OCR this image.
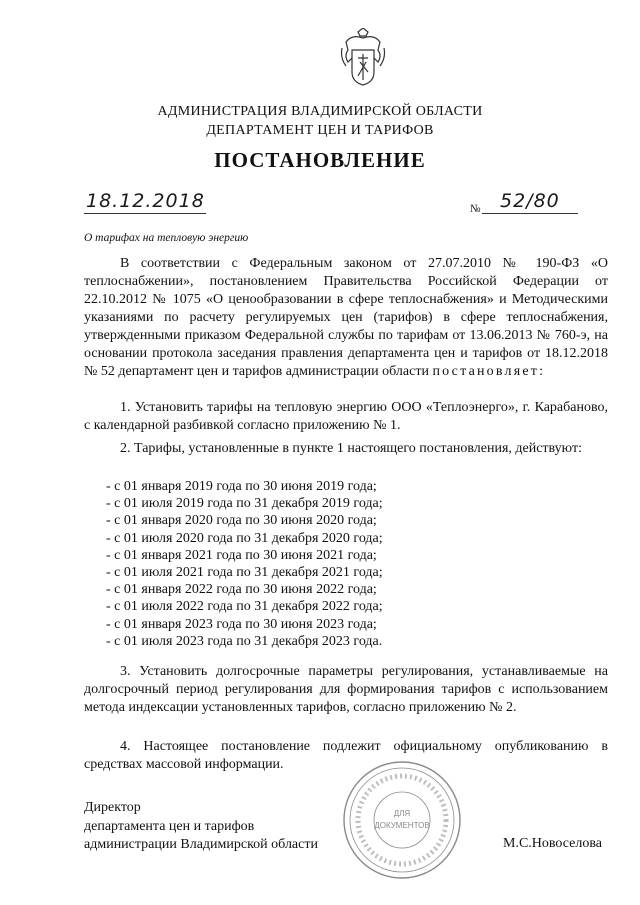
АДМИНИСТРАЦИЯ ВЛАДИМИРСКОЙ ОБЛАСТИ
ДЕПАРТАМЕНТ ЦЕН И ТАРИФОВ
ПОСТАНОВЛЕНИЕ
18.12.2018	№ 52/80
О тарифах на тепловую энергию
В соответствии с Федеральным законом от 27.07.2010 № 190-ФЗ «О теплоснабжении», постановлением Правительства Российской Федерации от 22.10.2012 № 1075 «О ценообразовании в сфере теплоснабжения» и Методическими указаниями по расчету регулируемых цен (тарифов) в сфере теплоснабжения, утвержденными приказом Федеральной службы по тарифам от 13.06.2013 № 760-э, на основании протокола заседания правления департамента цен и тарифов от 18.12.2018 № 52 департамент цен и тарифов администрации области постановляет:
1. Установить тарифы на тепловую энергию ООО «Теплоэнерго», г. Карабаново, с календарной разбивкой согласно приложению № 1.
2. Тарифы, установленные в пункте 1 настоящего постановления, действуют:
- с 01 января 2019 года по 30 июня 2019 года;
- с 01 июля 2019 года по 31 декабря 2019 года;
- с 01 января 2020 года по 30 июня 2020 года;
- с 01 июля 2020 года по 31 декабря 2020 года;
- с 01 января 2021 года по 30 июня 2021 года;
- с 01 июля 2021 года по 31 декабря 2021 года;
- с 01 января 2022 года по 30 июня 2022 года;
- с 01 июля 2022 года по 31 декабря 2022 года;
- с 01 января 2023 года по 30 июня 2023 года;
- с 01 июля 2023 года по 31 декабря 2023 года.
3. Установить долгосрочные параметры регулирования, устанавливаемые на долгосрочный период регулирования для формирования тарифов с использованием метода индексации установленных тарифов, согласно приложению № 2.
4. Настоящее постановление подлежит официальному опубликованию в средствах массовой информации.
Директор
департамента цен и тарифов
администрации Владимирской области
ДЛЯ
ДОКУМЕНТОВ
М.С.Новоселова
